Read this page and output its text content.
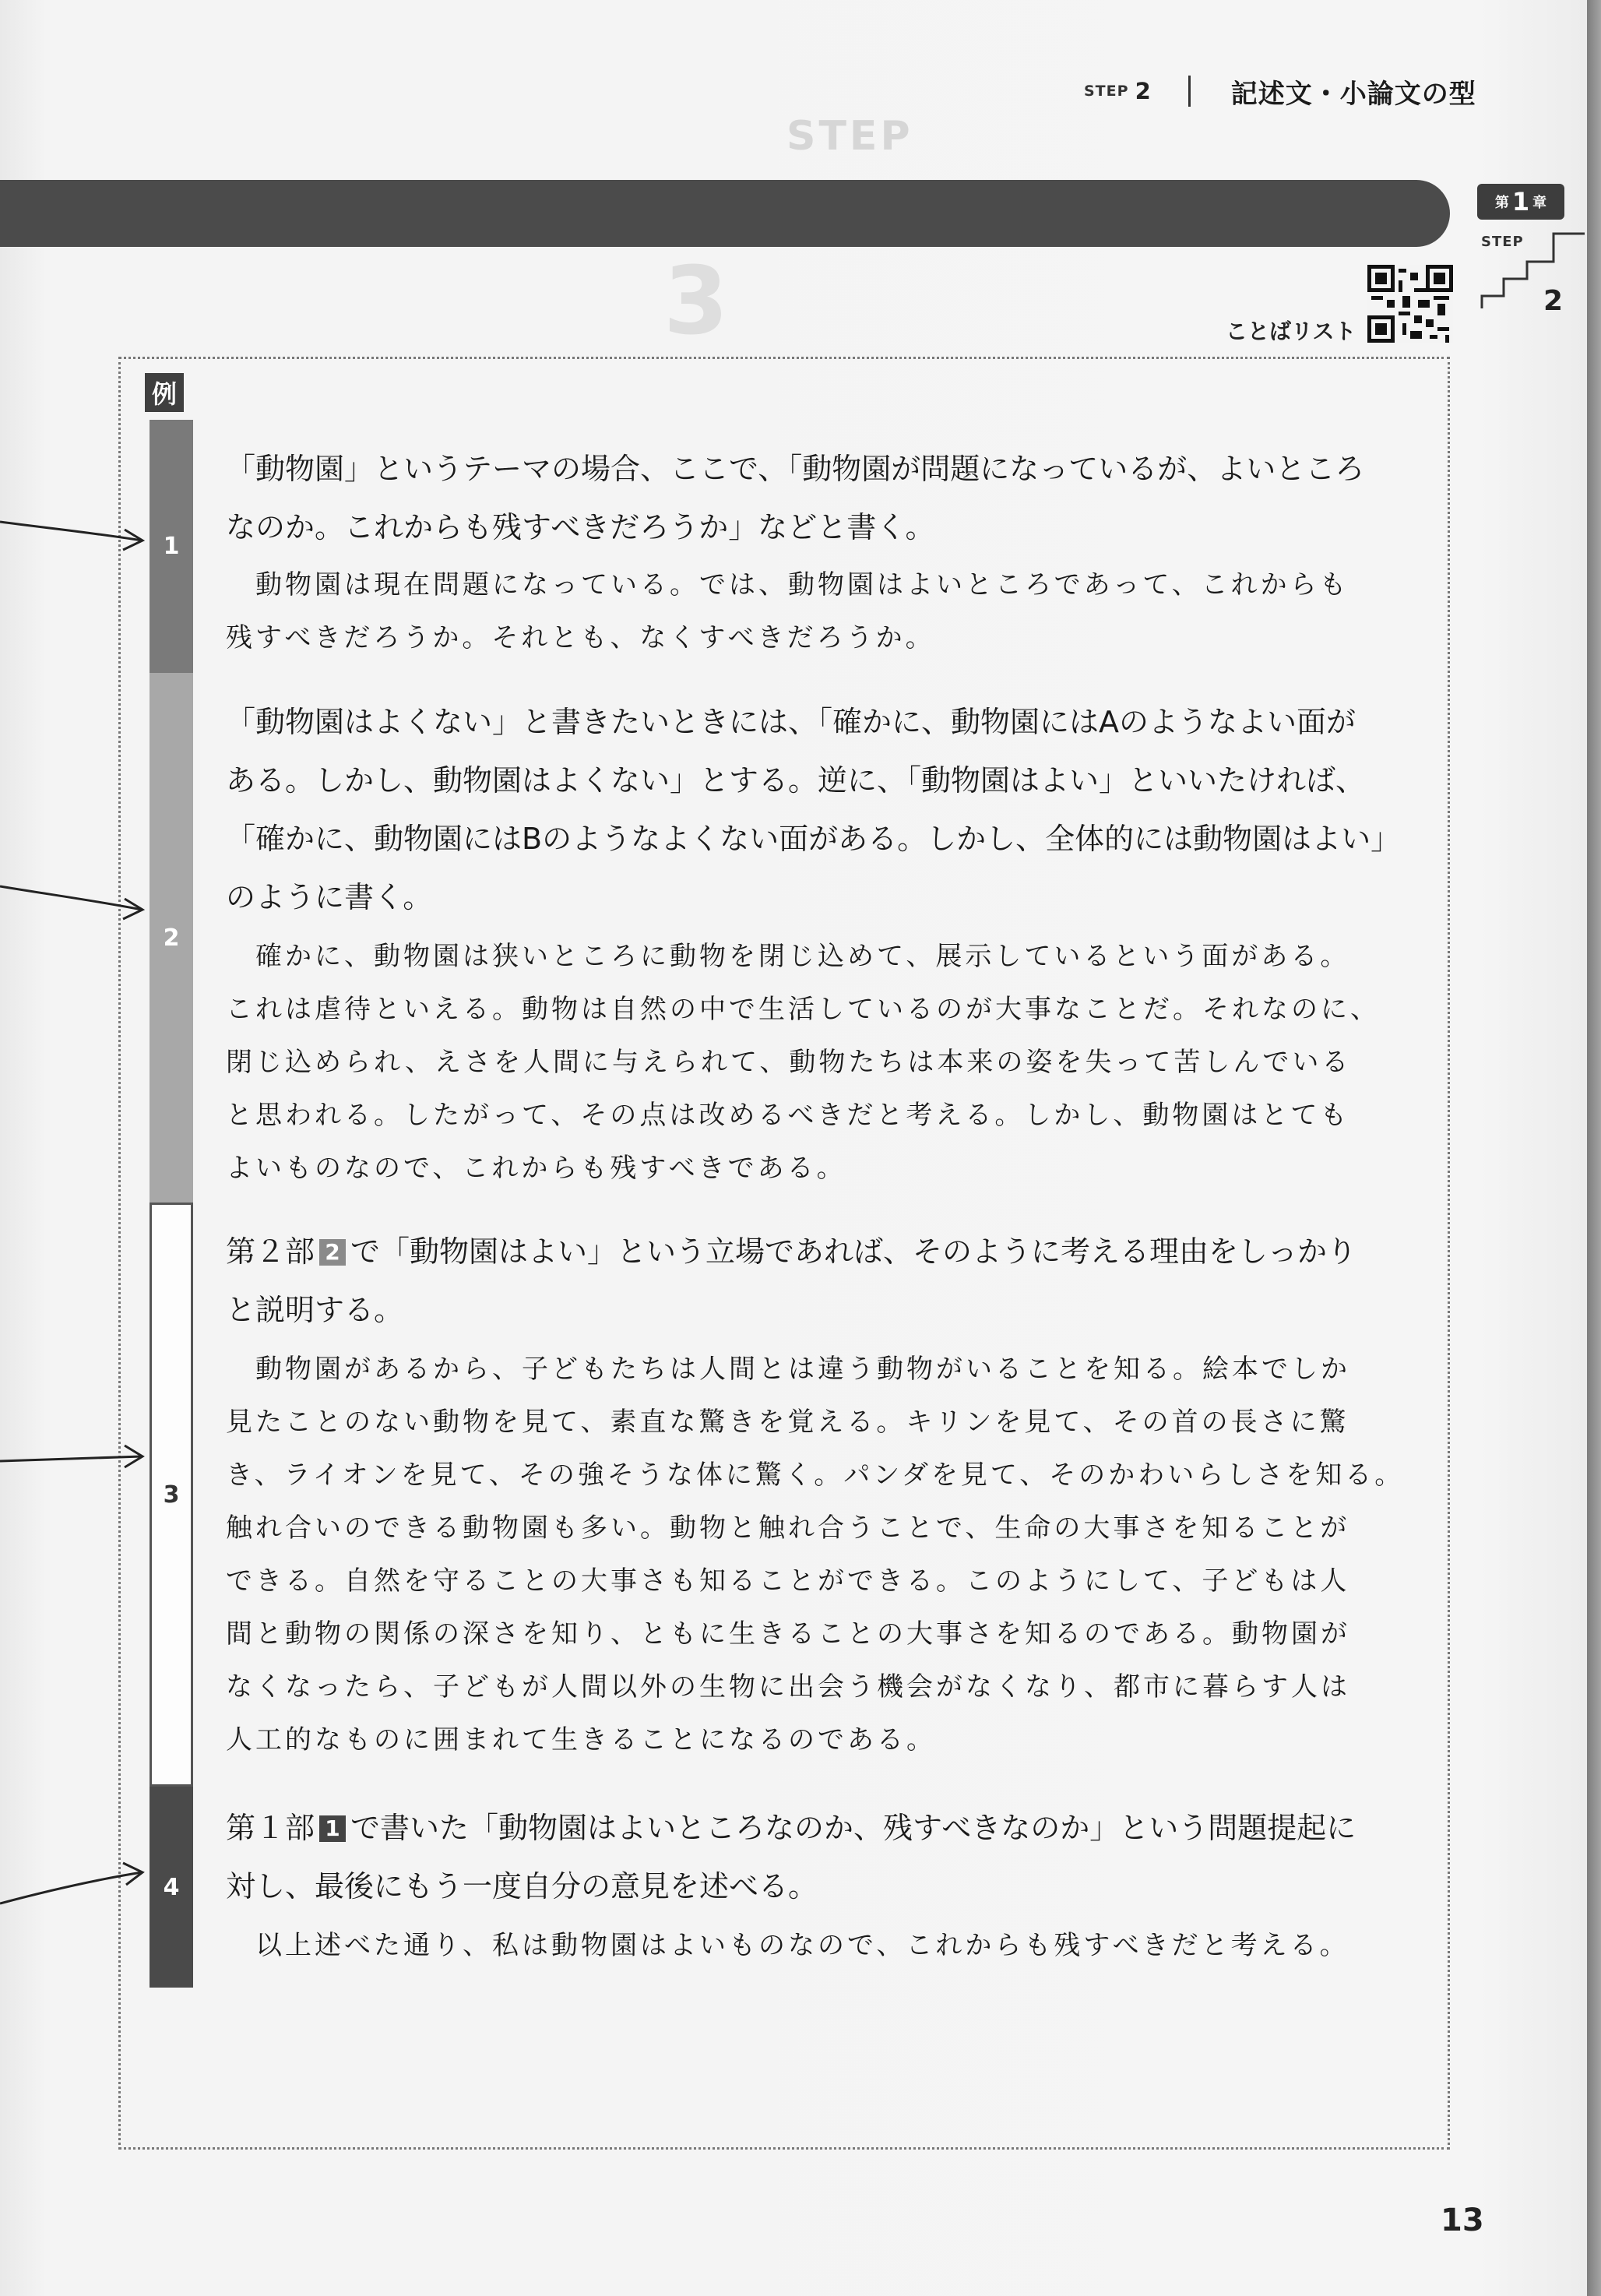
STEP
3
STEP 2	記述文・小論文の型
第 1 章
STEP
2
ことばリスト
例
1
2
3
4
「動物園」というテーマの場合、ここで、「動物園が問題になっているが、よいところ
なのか。これからも残すべきだろうか」などと書く。
動物園は現在問題になっている。では、動物園はよいところであって、これからも
残すべきだろうか。それとも、なくすべきだろうか。
「動物園はよくない」と書きたいときには、「確かに、動物園にはAのようなよい面が
ある。しかし、動物園はよくない」とする。逆に、「動物園はよい」といいたければ、
「確かに、動物園にはBのようなよくない面がある。しかし、全体的には動物園はよい」
のように書く。
確かに、動物園は狭いところに動物を閉じ込めて、展示しているという面がある。
これは虐待といえる。動物は自然の中で生活しているのが大事なことだ。それなのに、
閉じ込められ、えさを人間に与えられて、動物たちは本来の姿を失って苦しんでいる
と思われる。したがって、その点は改めるべきだと考える。しかし、動物園はとても
よいものなので、これからも残すべきである。
第２部 2 で「動物園はよい」という立場であれば、そのように考える理由をしっかり
と説明する。
動物園があるから、子どもたちは人間とは違う動物がいることを知る。絵本でしか
見たことのない動物を見て、素直な驚きを覚える。キリンを見て、その首の長さに驚
き、ライオンを見て、その強そうな体に驚く。パンダを見て、そのかわいらしさを知る。
触れ合いのできる動物園も多い。動物と触れ合うことで、生命の大事さを知ることが
できる。自然を守ることの大事さも知ることができる。このようにして、子どもは人
間と動物の関係の深さを知り、ともに生きることの大事さを知るのである。動物園が
なくなったら、子どもが人間以外の生物に出会う機会がなくなり、都市に暮らす人は
人工的なものに囲まれて生きることになるのである。
第１部 1 で書いた「動物園はよいところなのか、残すべきなのか」という問題提起に
対し、最後にもう一度自分の意見を述べる。
以上述べた通り、私は動物園はよいものなので、これからも残すべきだと考える。
13
